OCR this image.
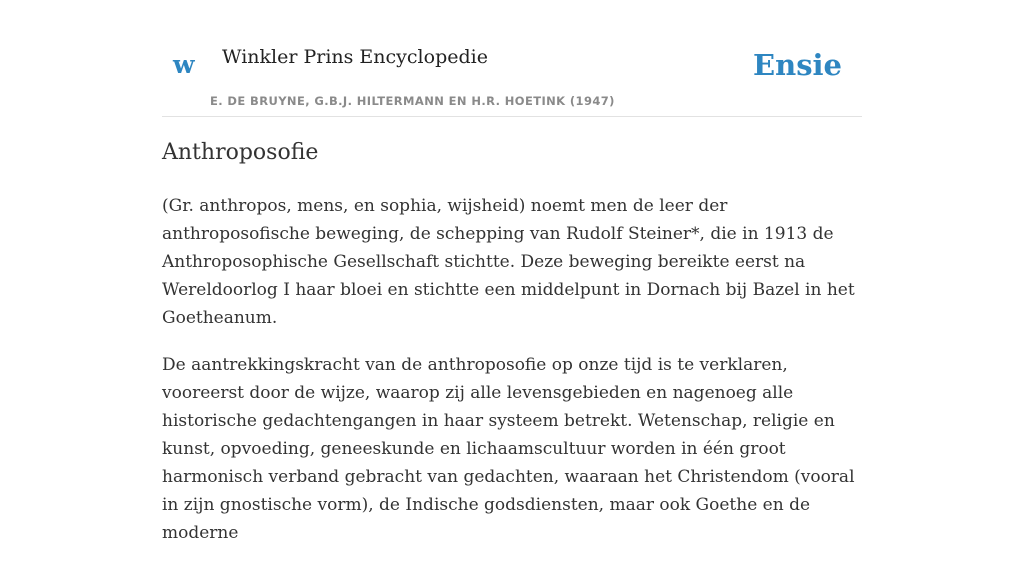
w Winkler Prins Encyclopedie
E. DE BRUYNE, G.B.J. HILTERMANN EN H.R. HOETINK (1947)
Ensie
Anthroposofie

(Gr. anthropos, mens, en sophia, wijsheid) noemt men de leer der anthroposofische beweging, de schepping van Rudolf Steiner*, die in 1913 de Anthroposophische Gesellschaft stichtte. Deze beweging bereikte eerst na Wereldoorlog I haar bloei en stichtte een middelpunt in Dornach bij Bazel in het Goetheanum.

De aantrekkingskracht van de anthroposofie op onze tijd is te verklaren, vooreerst door de wijze, waarop zij alle levensgebieden en nagenoeg alle historische gedachtengangen in haar systeem betrekt. Wetenschap, religie en kunst, opvoeding, geneeskunde en lichaamscultuur worden in één groot harmonisch verband gebracht van gedachten, waaraan het Christendom (vooral in zijn gnostische vorm), de Indische godsdiensten, maar ook Goethe en de moderne
